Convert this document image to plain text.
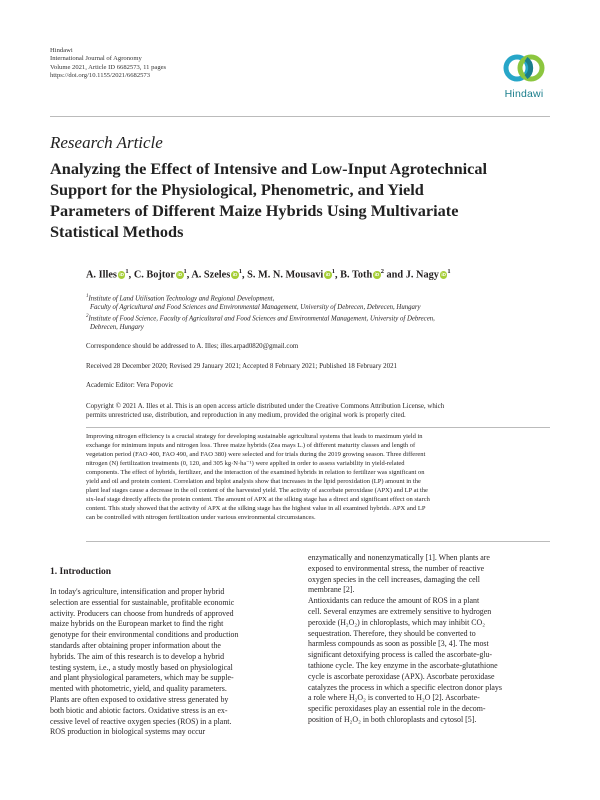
Hindawi
International Journal of Agronomy
Volume 2021, Article ID 6682573, 11 pages
https://doi.org/10.1155/2021/6682573
Hindawi
Research Article
Analyzing the Effect of Intensive and Low-Input Agrotechnical
Support for the Physiological, Phenometric, and Yield
Parameters of Different Maize Hybrids Using Multivariate
Statistical Methods
A. Illes $iD^1$, C. Bojtor $iD^1$, A. Szeles $iD^1$, S. M. N. Mousavi $iD^1$, B. Toth $iD^2$ and J. Nagy $iD^1$
$^1$Institute of Land Utilisation Technology and Regional Development,
Faculty of Agricultural and Food Sciences and Environmental Management, University of Debrecen, Debrecen, Hungary
$^2$Institute of Food Science, Faculty of Agricultural and Food Sciences and Environmental Management, University of Debrecen,
Debrecen, Hungary
Correspondence should be addressed to A. Illes; illes.arpad0820@gmail.com
Received 28 December 2020; Revised 29 January 2021; Accepted 8 February 2021; Published 18 February 2021
Academic Editor: Vera Popovic
Copyright © 2021 A. Illes et al. This is an open access article distributed under the Creative Commons Attribution License, which
permits unrestricted use, distribution, and reproduction in any medium, provided the original work is properly cited.
Improving nitrogen efficiency is a crucial strategy for developing sustainable agricultural systems that leads to maximum yield in
exchange for minimum inputs and nitrogen loss. Three maize hybrids (Zea mays L.) of different maturity classes and length of
vegetation period (FAO 400, FAO 490, and FAO 380) were selected and for trials during the 2019 growing season. Three different
nitrogen (N) fertilization treatments (0, 120, and 305 kg·N·ha⁻¹) were applied in order to assess variability in yield-related
components. The effect of hybrids, fertilizer, and the interaction of the examined hybrids in relation to fertilizer was significant on
yield and oil and protein content. Correlation and biplot analysis show that increases in the lipid peroxidation (LP) amount in the
plant leaf stages cause a decrease in the oil content of the harvested yield. The activity of ascorbate peroxidase (APX) and LP at the
six-leaf stage directly affects the protein content. The amount of APX at the silking stage has a direct and significant effect on starch
content. This study showed that the activity of APX at the silking stage has the highest value in all examined hybrids. APX and LP
can be controlled with nitrogen fertilization under various environmental circumstances.
1. Introduction
In today's agriculture, intensification and proper hybrid
selection are essential for sustainable, profitable economic
activity. Producers can choose from hundreds of approved
maize hybrids on the European market to find the right
genotype for their environmental conditions and production
standards after obtaining proper information about the
hybrids. The aim of this research is to develop a hybrid
testing system, i.e., a study mostly based on physiological
and plant physiological parameters, which may be supple-
mented with photometric, yield, and quality parameters.
Plants are often exposed to oxidative stress generated by
both biotic and abiotic factors. Oxidative stress is an ex-
cessive level of reactive oxygen species (ROS) in a plant.
ROS production in biological systems may occur
enzymatically and nonenzymatically [1]. When plants are
exposed to environmental stress, the number of reactive
oxygen species in the cell increases, damaging the cell
membrane [2].
Antioxidants can reduce the amount of ROS in a plant
cell. Several enzymes are extremely sensitive to hydrogen
peroxide (H₂O₂) in chloroplasts, which may inhibit CO₂
sequestration. Therefore, they should be converted to
harmless compounds as soon as possible [3, 4]. The most
significant detoxifying process is called the ascorbate-glu-
tathione cycle. The key enzyme in the ascorbate-glutathione
cycle is ascorbate peroxidase (APX). Ascorbate peroxidase
catalyzes the process in which a specific electron donor plays
a role where H₂O₂ is converted to H₂O [2]. Ascorbate-
specific peroxidases play an essential role in the decom-
position of H₂O₂ in both chloroplasts and cytosol [5].
